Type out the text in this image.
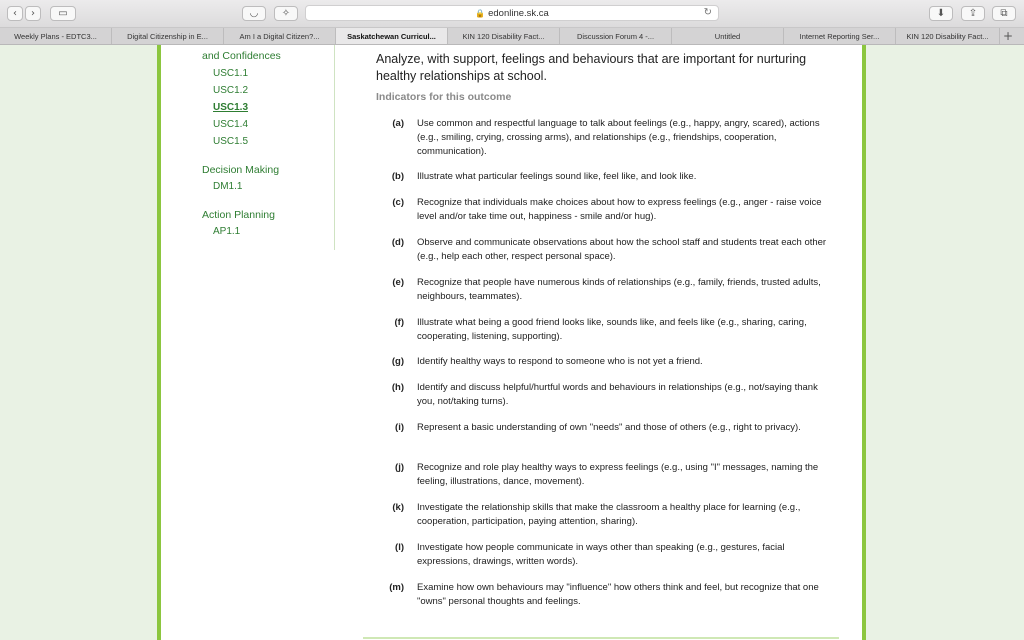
‹ › ▭	◡ ✧	🔒 edonline.sk.ca	↻	⬇ ⇪ ⧉
Weekly Plans - EDTC3...	Digital Citizenship in E...	Am I a Digital Citizen?...	Saskatchewan Curricul...	KIN 120 Disability Fact...	Discussion Forum 4 -...	Untitled	Internet Reporting Ser...	KIN 120 Disability Fact...	+
and Confidences
USC1.1
USC1.2
USC1.3
USC1.4
USC1.5
Decision Making
DM1.1
Action Planning
AP1.1
Analyze, with support, feelings and behaviours that are important for nurturing healthy relationships at school.
Indicators for this outcome
(a) Use common and respectful language to talk about feelings (e.g., happy, angry, scared), actions (e.g., smiling, crying, crossing arms), and relationships (e.g., friendships, cooperation, communication).
(b) Illustrate what particular feelings sound like, feel like, and look like.
(c) Recognize that individuals make choices about how to express feelings (e.g., anger - raise voice level and/or take time out, happiness - smile and/or hug).
(d) Observe and communicate observations about how the school staff and students treat each other (e.g., help each other, respect personal space).
(e) Recognize that people have numerous kinds of relationships (e.g., family, friends, trusted adults, neighbours, teammates).
(f) Illustrate what being a good friend looks like, sounds like, and feels like (e.g., sharing, caring, cooperating, listening, supporting).
(g) Identify healthy ways to respond to someone who is not yet a friend.
(h) Identify and discuss helpful/hurtful words and behaviours in relationships (e.g., not/saying thank you, not/taking turns).
(i) Represent a basic understanding of own "needs" and those of others (e.g., right to privacy).
(j) Recognize and role play healthy ways to express feelings (e.g., using "I" messages, naming the feeling, illustrations, dance, movement).
(k) Investigate the relationship skills that make the classroom a healthy place for learning (e.g., cooperation, participation, paying attention, sharing).
(l) Investigate how people communicate in ways other than speaking (e.g., gestures, facial expressions, drawings, written words).
(m) Examine how own behaviours may "influence" how others think and feel, but recognize that one "owns" personal thoughts and feelings.
